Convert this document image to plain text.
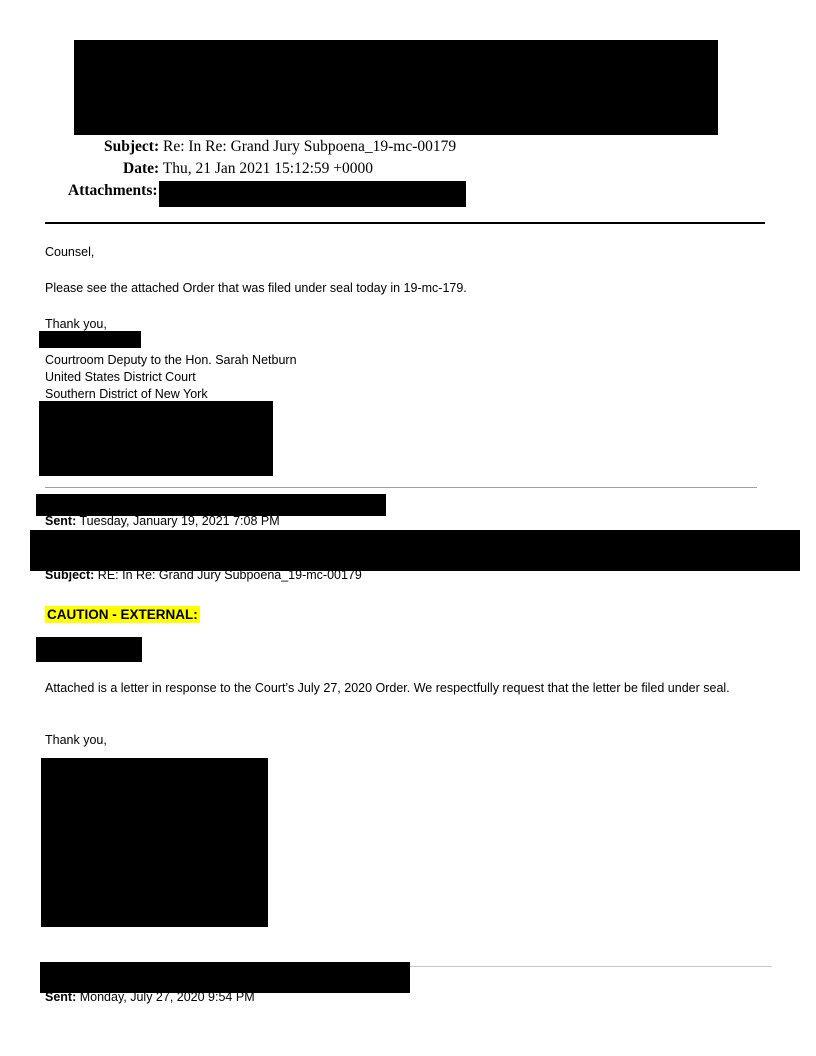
Subject: Re: In Re: Grand Jury Subpoena_19-mc-00179
Date: Thu, 21 Jan 2021 15:12:59 +0000
Attachments:
Counsel,
Please see the attached Order that was filed under seal today in 19-mc-179.
Thank you,
Courtroom Deputy to the Hon. Sarah Netburn
United States District Court
Southern District of New York
Sent: Tuesday, January 19, 2021 7:08 PM
Subject: RE: In Re: Grand Jury Subpoena_19-mc-00179
CAUTION - EXTERNAL:
Attached is a letter in response to the Court’s July 27, 2020 Order. We respectfully request that the letter be filed under seal.
Thank you,
Sent: Monday, July 27, 2020 9:54 PM
